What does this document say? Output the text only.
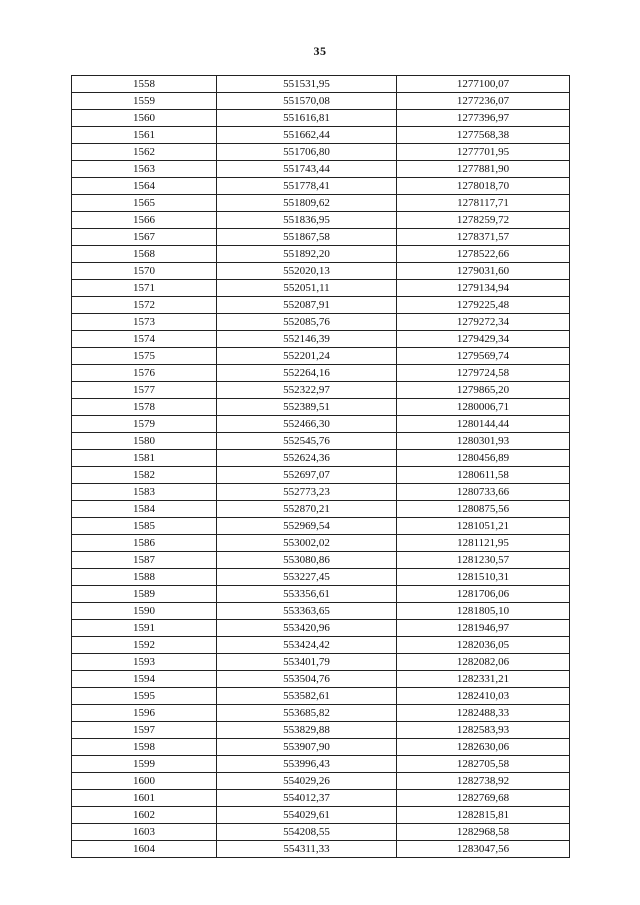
35
1558	551531,95	1277100,07
1559	551570,08	1277236,07
1560	551616,81	1277396,97
1561	551662,44	1277568,38
1562	551706,80	1277701,95
1563	551743,44	1277881,90
1564	551778,41	1278018,70
1565	551809,62	1278117,71
1566	551836,95	1278259,72
1567	551867,58	1278371,57
1568	551892,20	1278522,66
1570	552020,13	1279031,60
1571	552051,11	1279134,94
1572	552087,91	1279225,48
1573	552085,76	1279272,34
1574	552146,39	1279429,34
1575	552201,24	1279569,74
1576	552264,16	1279724,58
1577	552322,97	1279865,20
1578	552389,51	1280006,71
1579	552466,30	1280144,44
1580	552545,76	1280301,93
1581	552624,36	1280456,89
1582	552697,07	1280611,58
1583	552773,23	1280733,66
1584	552870,21	1280875,56
1585	552969,54	1281051,21
1586	553002,02	1281121,95
1587	553080,86	1281230,57
1588	553227,45	1281510,31
1589	553356,61	1281706,06
1590	553363,65	1281805,10
1591	553420,96	1281946,97
1592	553424,42	1282036,05
1593	553401,79	1282082,06
1594	553504,76	1282331,21
1595	553582,61	1282410,03
1596	553685,82	1282488,33
1597	553829,88	1282583,93
1598	553907,90	1282630,06
1599	553996,43	1282705,58
1600	554029,26	1282738,92
1601	554012,37	1282769,68
1602	554029,61	1282815,81
1603	554208,55	1282968,58
1604	554311,33	1283047,56
